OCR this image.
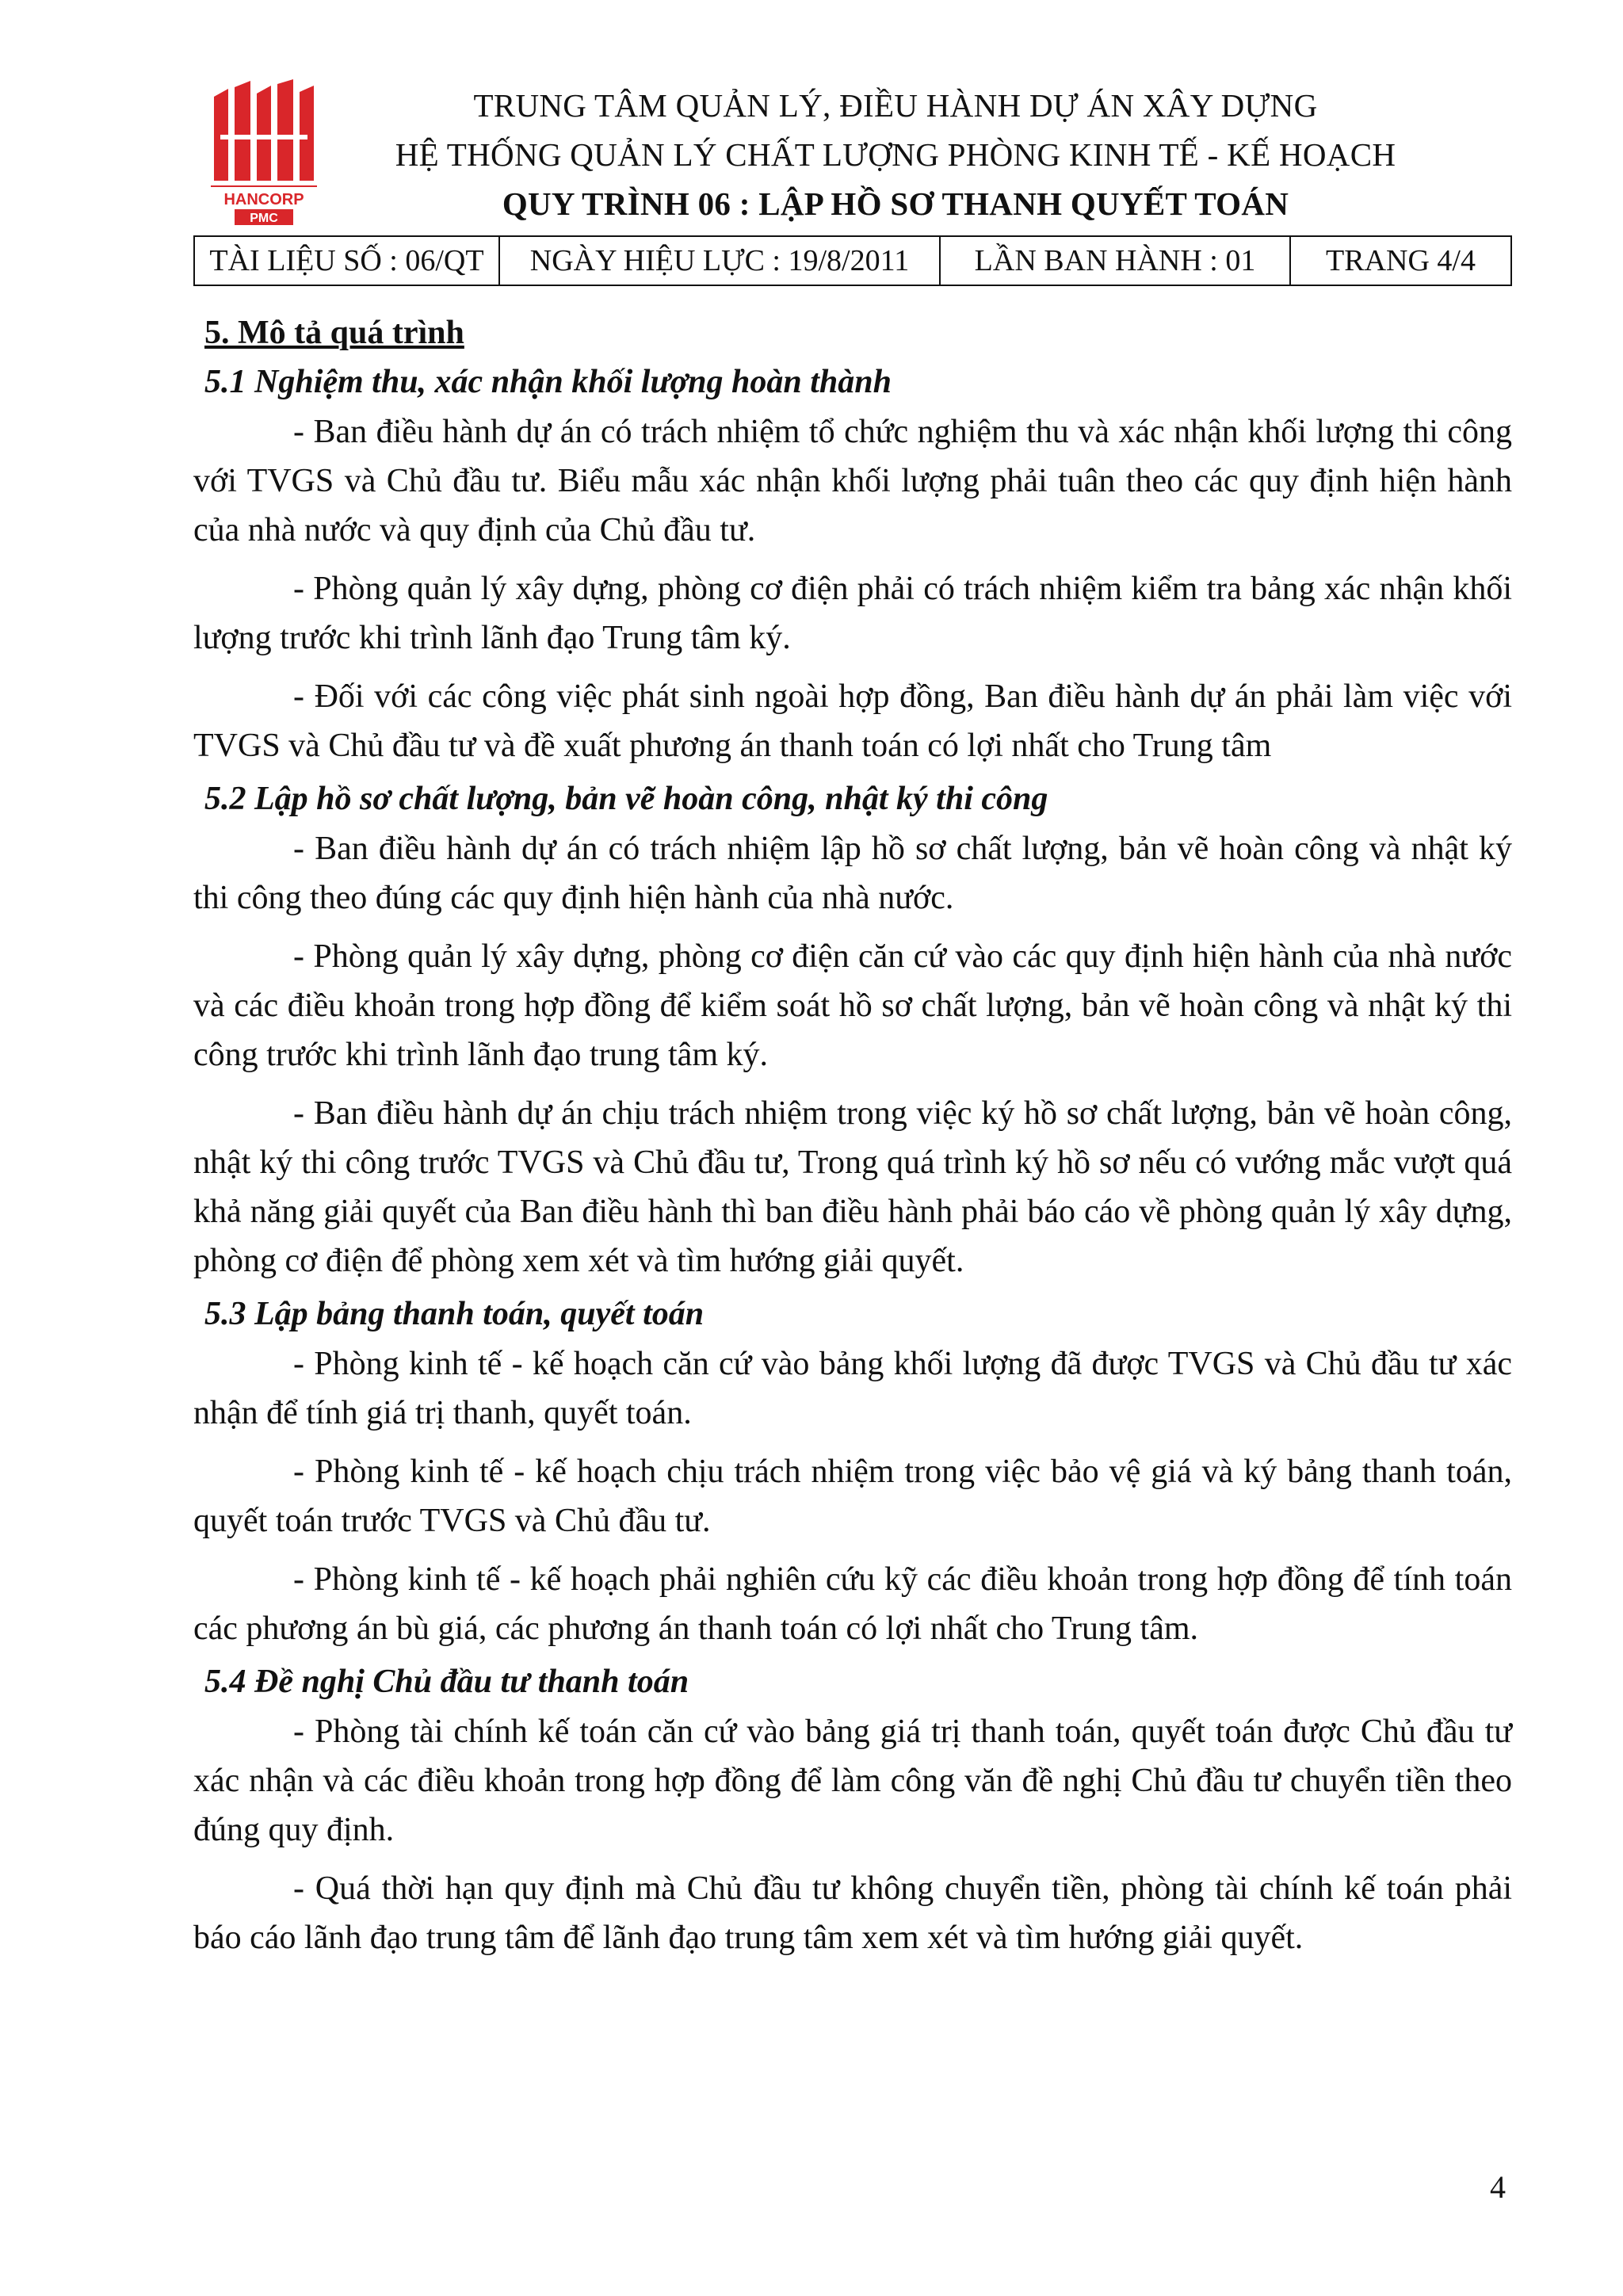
HANCORP
PMC
TRUNG TÂM QUẢN LÝ, ĐIỀU HÀNH DỰ ÁN XÂY DỰNG
HỆ THỐNG QUẢN LÝ CHẤT LƯỢNG PHÒNG KINH TẾ - KẾ HOẠCH
QUY TRÌNH 06 : LẬP HỒ SƠ THANH QUYẾT TOÁN
TÀI LIỆU SỐ : 06/QT	NGÀY HIỆU LỰC : 19/8/2011	LẦN BAN HÀNH : 01	TRANG 4/4
5. Mô tả quá trình
5.1 Nghiệm thu, xác nhận khối lượng hoàn thành

- Ban điều hành dự án có trách nhiệm tổ chức nghiệm thu và xác nhận khối lượng thi công với TVGS và Chủ đầu tư. Biểu mẫu xác nhận khối lượng phải tuân theo các quy định hiện hành của nhà nước và quy định của Chủ đầu tư.

- Phòng quản lý xây dựng, phòng cơ điện phải có trách nhiệm kiểm tra bảng xác nhận khối lượng trước khi trình lãnh đạo Trung tâm ký.

- Đối với các công việc phát sinh ngoài hợp đồng, Ban điều hành dự án phải làm việc với TVGS và Chủ đầu tư và đề xuất phương án thanh toán có lợi nhất cho Trung tâm

5.2 Lập hồ sơ chất lượng, bản vẽ hoàn công, nhật ký thi công

- Ban điều hành dự án có trách nhiệm lập hồ sơ chất lượng, bản vẽ hoàn công và nhật ký thi công theo đúng các quy định hiện hành của nhà nước.

- Phòng quản lý xây dựng, phòng cơ điện căn cứ vào các quy định hiện hành của nhà nước và các điều khoản trong hợp đồng để kiểm soát hồ sơ chất lượng, bản vẽ hoàn công và nhật ký thi công trước khi trình lãnh đạo trung tâm ký.

- Ban điều hành dự án chịu trách nhiệm trong việc ký hồ sơ chất lượng, bản vẽ hoàn công, nhật ký thi công trước TVGS và Chủ đầu tư, Trong quá trình ký hồ sơ nếu có vướng mắc vượt quá khả năng giải quyết của Ban điều hành thì ban điều hành phải báo cáo về phòng quản lý xây dựng, phòng cơ điện để phòng xem xét và tìm hướng giải quyết.

5.3 Lập bảng thanh toán, quyết toán

- Phòng kinh tế - kế hoạch căn cứ vào bảng khối lượng đã được TVGS và Chủ đầu tư xác nhận để tính giá trị thanh, quyết toán.

- Phòng kinh tế - kế hoạch chịu trách nhiệm trong việc bảo vệ giá và ký bảng thanh toán, quyết toán trước TVGS và Chủ đầu tư.

- Phòng kinh tế - kế hoạch phải nghiên cứu kỹ các điều khoản trong hợp đồng để tính toán các phương án bù giá, các phương án thanh toán có lợi nhất cho Trung tâm.

5.4 Đề nghị Chủ đầu tư thanh toán

- Phòng tài chính kế toán căn cứ vào bảng giá trị thanh toán, quyết toán được Chủ đầu tư xác nhận và các điều khoản trong hợp đồng để làm công văn đề nghị Chủ đầu tư chuyển tiền theo đúng quy định.

- Quá thời hạn quy định mà Chủ đầu tư không chuyển tiền, phòng tài chính kế toán phải báo cáo lãnh đạo trung tâm để lãnh đạo trung tâm xem xét và tìm hướng giải quyết.

4
